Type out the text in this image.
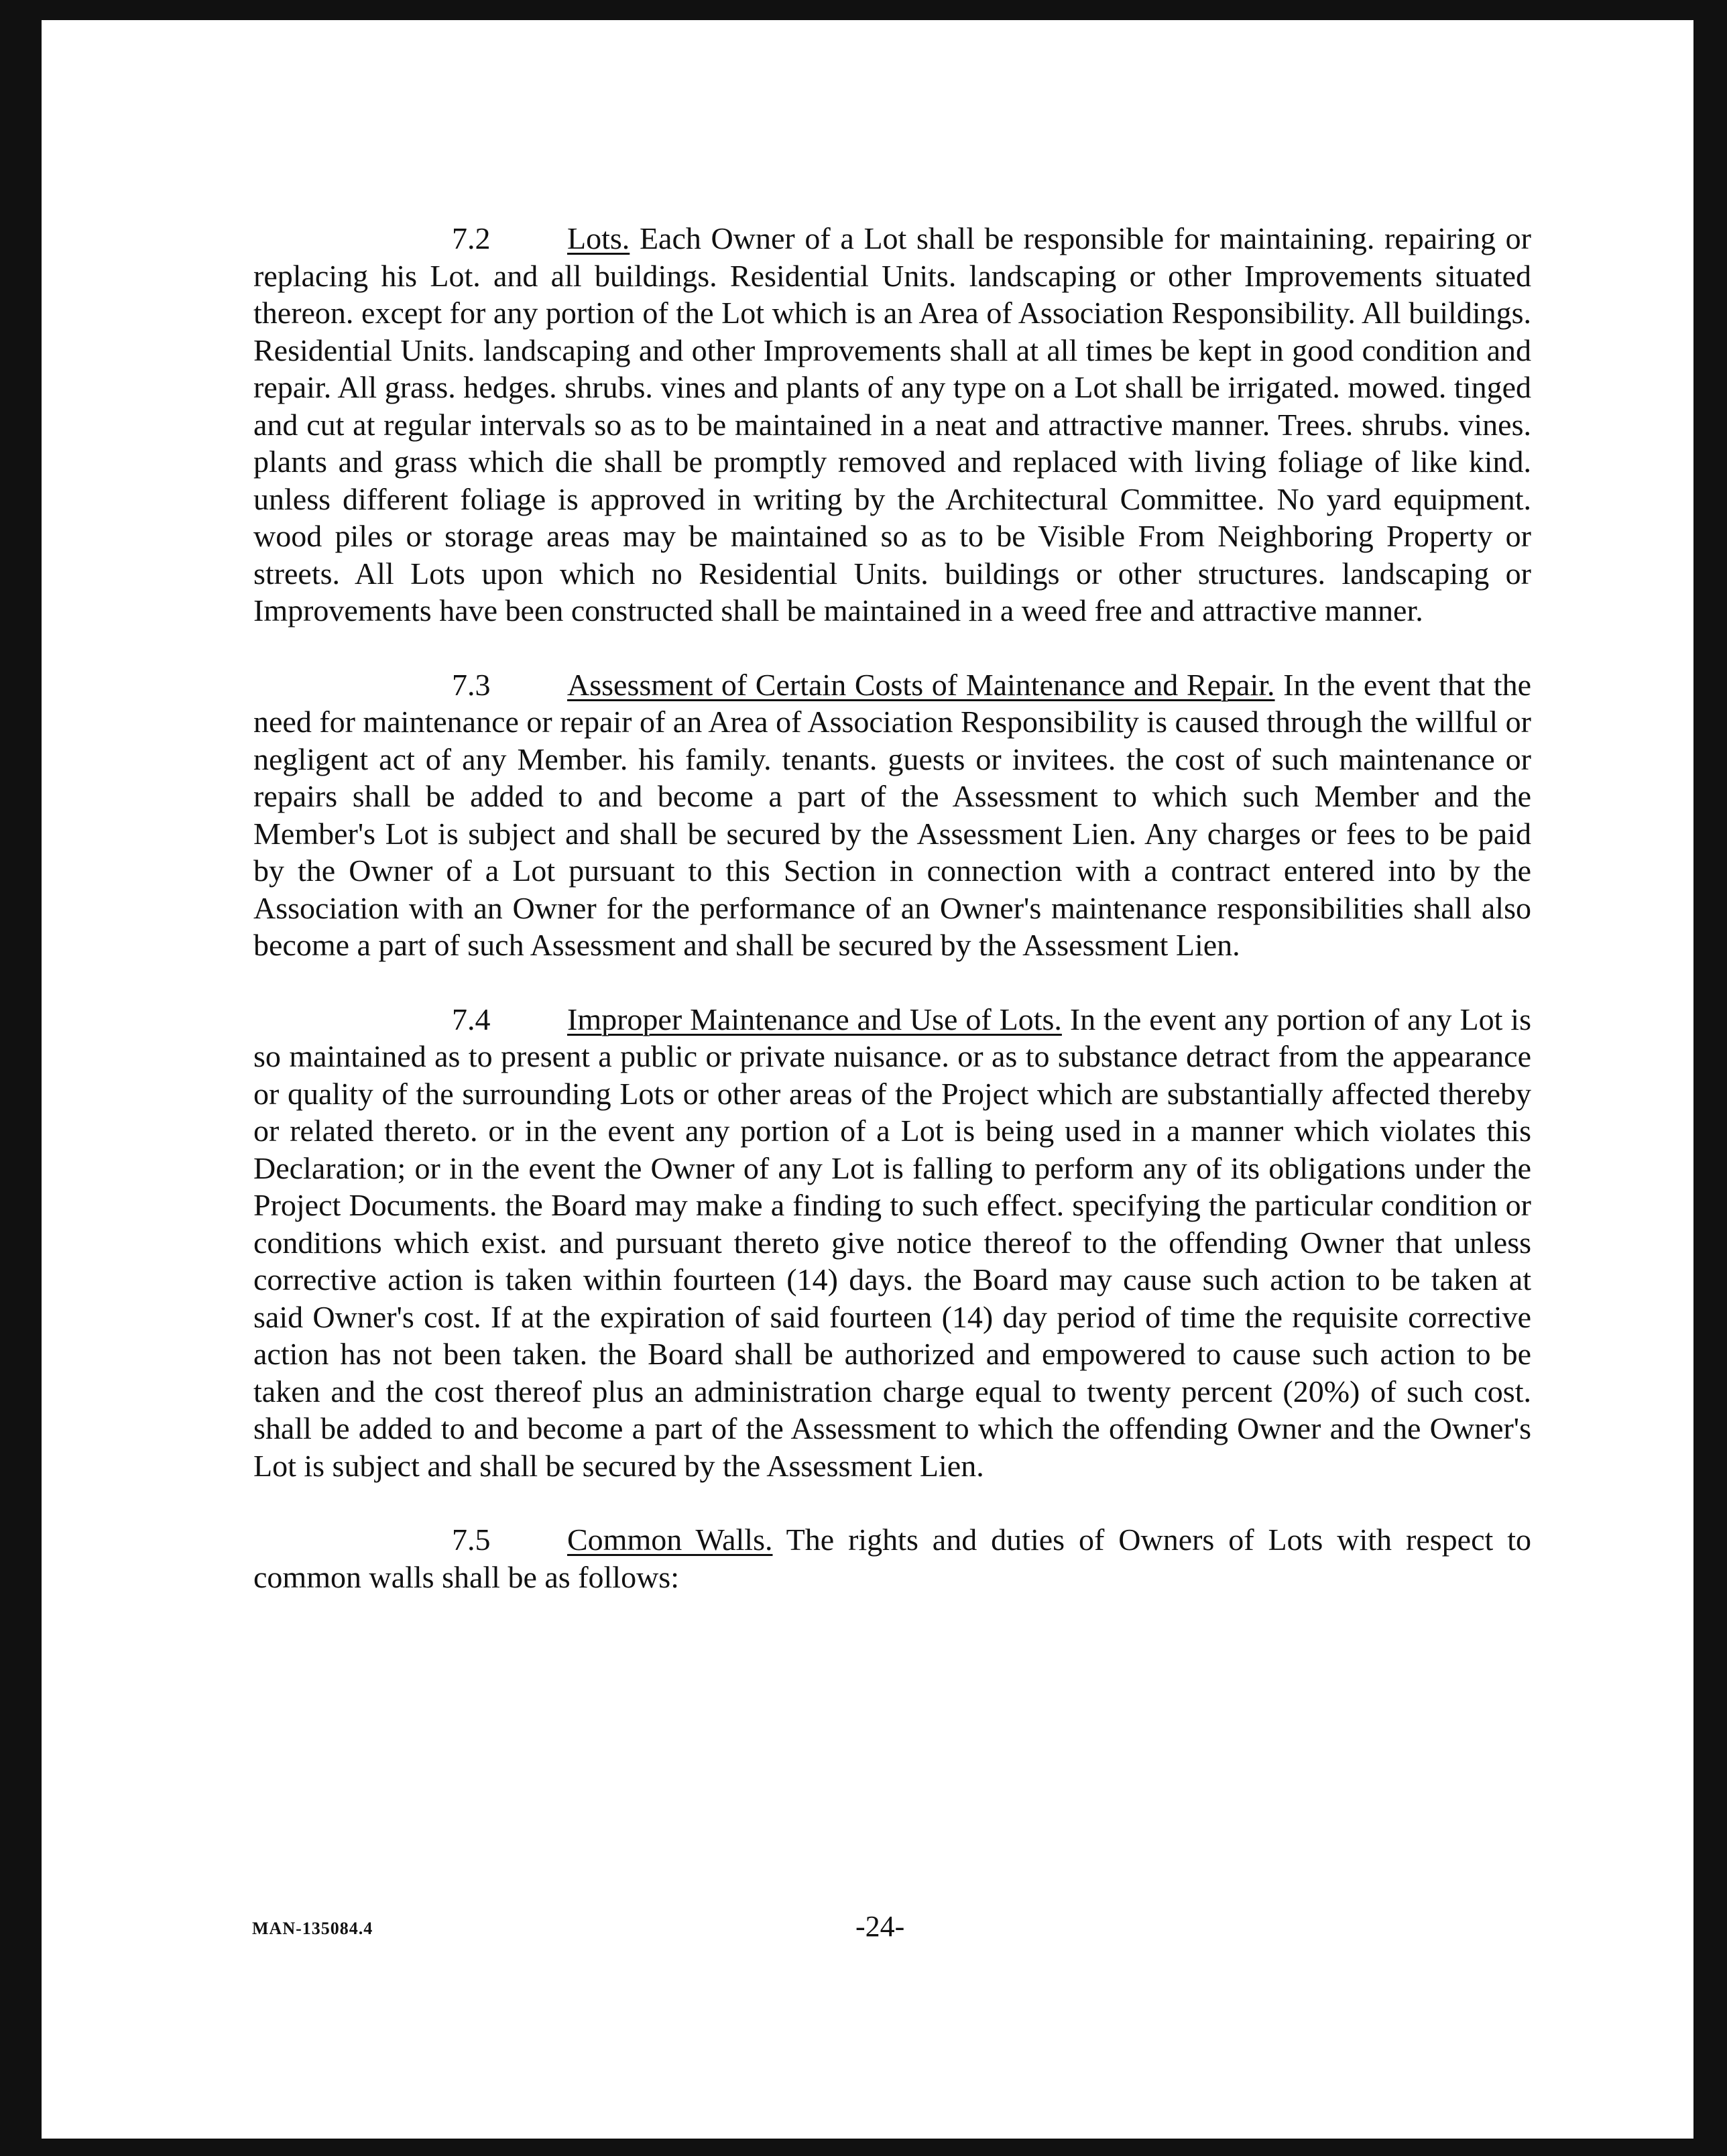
7.2 Lots. Each Owner of a Lot shall be responsible for maintaining. repairing or replacing his Lot. and all buildings. Residential Units. landscaping or other Improvements situated thereon. except for any portion of the Lot which is an Area of Association Responsibility. All buildings. Residential Units. landscaping and other Improvements shall at all times be kept in good condition and repair. All grass. hedges. shrubs. vines and plants of any type on a Lot shall be irrigated. mowed. tinged and cut at regular intervals so as to be maintained in a neat and attractive manner. Trees. shrubs. vines. plants and grass which die shall be promptly removed and replaced with living foliage of like kind. unless different foliage is approved in writing by the Architectural Committee. No yard equipment. wood piles or storage areas may be maintained so as to be Visible From Neighboring Property or streets. All Lots upon which no Residential Units. buildings or other structures. landscaping or Improvements have been constructed shall be maintained in a weed free and attractive manner.

7.3 Assessment of Certain Costs of Maintenance and Repair. In the event that the need for maintenance or repair of an Area of Association Responsibility is caused through the willful or negligent act of any Member. his family. tenants. guests or invitees. the cost of such maintenance or repairs shall be added to and become a part of the Assessment to which such Member and the Member's Lot is subject and shall be secured by the Assessment Lien. Any charges or fees to be paid by the Owner of a Lot pursuant to this Section in connection with a contract entered into by the Association with an Owner for the performance of an Owner's maintenance responsibilities shall also become a part of such Assessment and shall be secured by the Assessment Lien.

7.4 Improper Maintenance and Use of Lots. In the event any portion of any Lot is so maintained as to present a public or private nuisance. or as to substance detract from the appearance or quality of the surrounding Lots or other areas of the Project which are substantially affected thereby or related thereto. or in the event any portion of a Lot is being used in a manner which violates this Declaration; or in the event the Owner of any Lot is falling to perform any of its obligations under the Project Documents. the Board may make a finding to such effect. specifying the particular condition or conditions which exist. and pursuant thereto give notice thereof to the offending Owner that unless corrective action is taken within fourteen (14) days. the Board may cause such action to be taken at said Owner's cost. If at the expiration of said fourteen (14) day period of time the requisite corrective action has not been taken. the Board shall be authorized and empowered to cause such action to be taken and the cost thereof plus an administration charge equal to twenty percent (20%) of such cost. shall be added to and become a part of the Assessment to which the offending Owner and the Owner's Lot is subject and shall be secured by the Assessment Lien.

7.5 Common Walls. The rights and duties of Owners of Lots with respect to common walls shall be as follows:

MAN-135084.4	-24-
